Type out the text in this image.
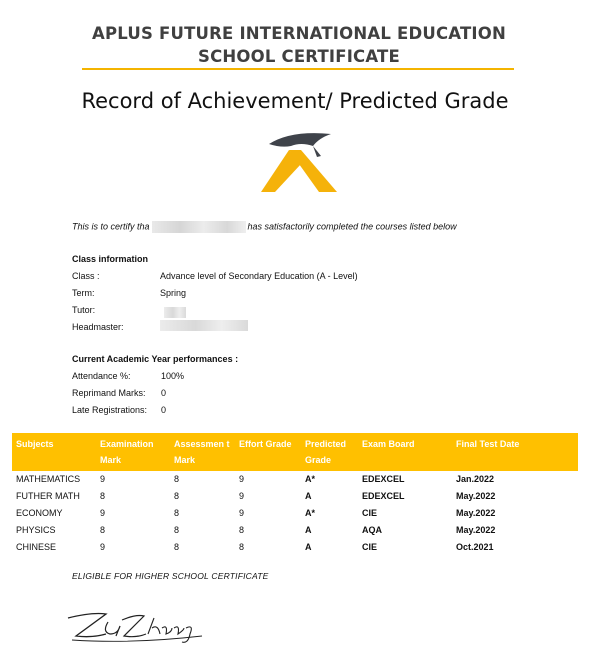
APLUS FUTURE INTERNATIONAL EDUCATION
SCHOOL CERTIFICATE
Record of Achievement/ Predicted Grade
This is to certify tha	has satisfactorily completed the courses listed below
Class information
Class :	Advance level of Secondary Education (A - Level)
Term:	Spring
Tutor:
Headmaster:
Current Academic Year performances :
Attendance %:	100%
Reprimand Marks: 0
Late Registrations: 0
Subjects	Examination Mark	Assessmen t Mark	Effort Grade	Predicted Grade	Exam Board	Final Test Date
MATHEMATICS	9	8	9	A*	EDEXCEL	Jan.2022
FUTHER MATH	8	8	9	A	EDEXCEL	May.2022
ECONOMY	9	8	9	A*	CIE	May.2022
PHYSICS	8	8	8	A	AQA	May.2022
CHINESE	9	8	8	A	CIE	Oct.2021
ELIGIBLE FOR HIGHER SCHOOL CERTIFICATE
